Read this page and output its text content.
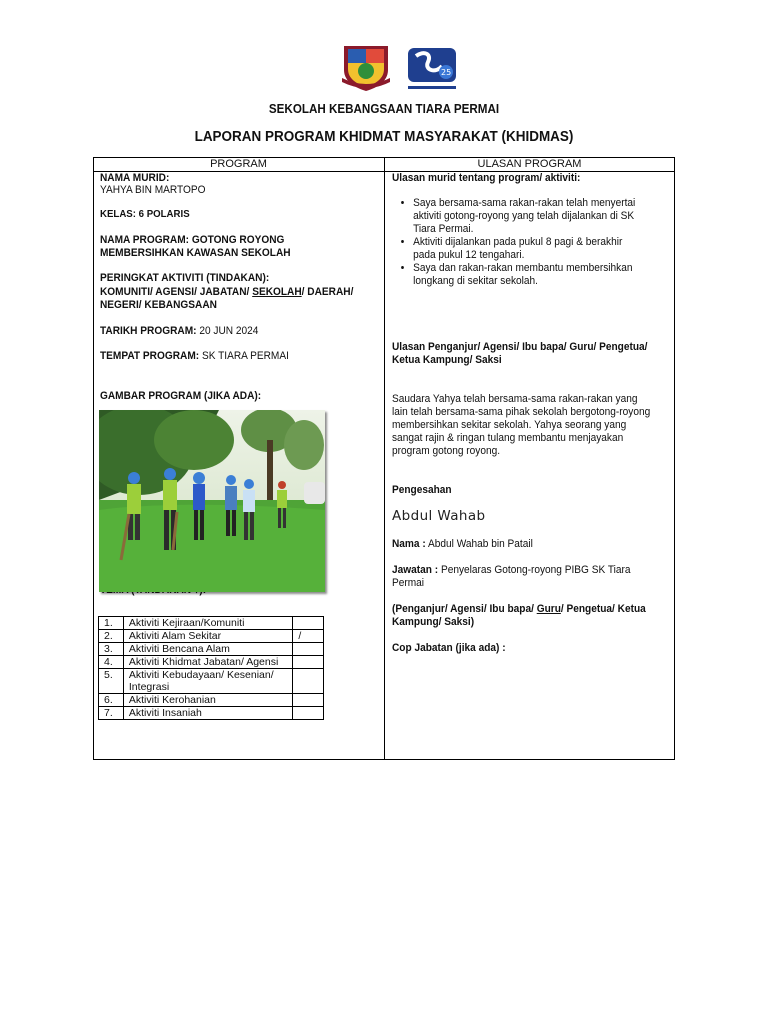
25
SEKOLAH KEBANGSAAN TIARA PERMAI
LAPORAN PROGRAM KHIDMAT MASYARAKAT (KHIDMAS)
PROGRAM	ULASAN PROGRAM
NAMA MURID:
YAHYA BIN MARTOPO
KELAS: 6 POLARIS
NAMA PROGRAM: GOTONG ROYONG
MEMBERSIHKAN KAWASAN SEKOLAH
PERINGKAT AKTIVITI (TINDAKAN):
KOMUNITI/ AGENSI/ JABATAN/ SEKOLAH/ DAERAH/
NEGERI/ KEBANGSAAN
TARIKH PROGRAM: 20 JUN 2024
TEMPAT PROGRAM: SK TIARA PERMAI
GAMBAR PROGRAM (JIKA ADA):
1.	Aktiviti Kejiraan/Komuniti	
2.	Aktiviti Alam Sekitar	/
3.	Aktiviti Bencana Alam	
4.	Aktiviti Khidmat Jabatan/ Agensi	
5.	Aktiviti Kebudayaan/ Kesenian/ Integrasi	
6.	Aktiviti Kerohanian	
7.	Aktiviti Insaniah	
Ulasan murid tentang program/ aktiviti:
• Saya bersama-sama rakan-rakan telah menyertai aktiviti gotong-royong yang telah dijalankan di SK Tiara Permai.
• Aktiviti dijalankan pada pukul 8 pagi & berakhir pada pukul 12 tengahari.
• Saya dan rakan-rakan membantu membersihkan longkang di sekitar sekolah.
Ulasan Penganjur/ Agensi/ Ibu bapa/ Guru/ Pengetua/
Ketua Kampung/ Saksi
Saudara Yahya telah bersama-sama rakan-rakan yang
lain telah bersama-sama pihak sekolah bergotong-royong
membersihkan sekitar sekolah. Yahya seorang yang
sangat rajin & ringan tulang membantu menjayakan
program gotong royong.
Pengesahan
Abdul Wahab
Nama : Abdul Wahab bin Patail
Jawatan : Penyelaras Gotong-royong PIBG SK Tiara
Permai
(Penganjur/ Agensi/ Ibu bapa/ Guru/ Pengetua/ Ketua
Kampung/ Saksi)
Cop Jabatan (jika ada) :
